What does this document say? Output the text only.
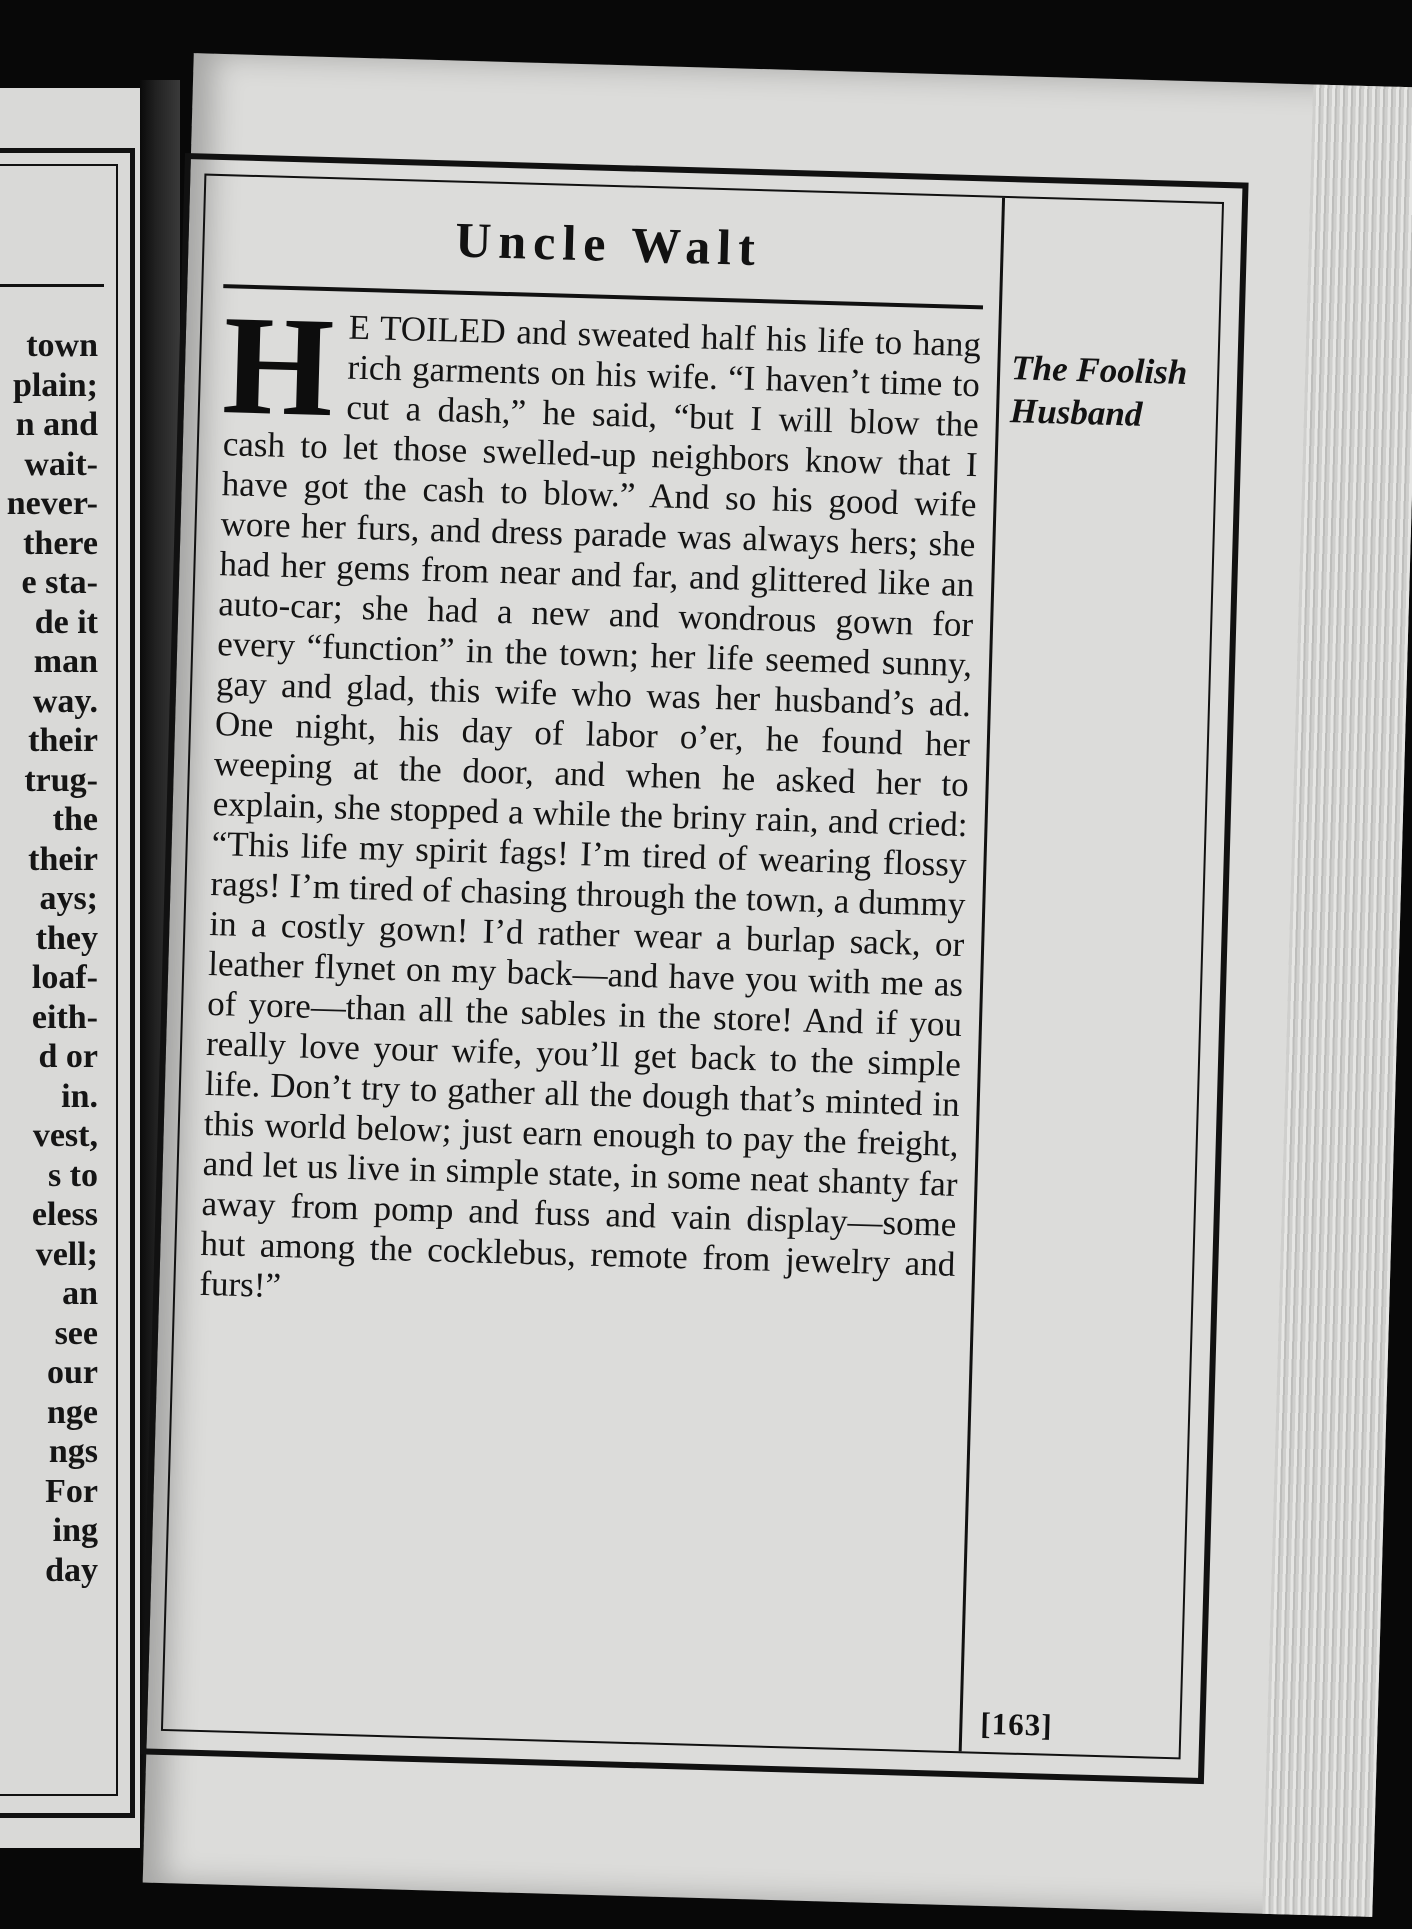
town
plain;
n and
wait-
never-
there
e sta-
de it
man
way.
their
trug-
the
their
ays;
they
loaf-
eith-
d or
in.
vest,
s to
eless
vell;
an
see
our
nge
ngs
For
ing
day
Uncle Walt
H E TOILED and sweated half his life to hang rich garments on his wife. “I haven’t time to cut a dash,” he said, “but I will blow the cash to let those swelled-up neighbors know that I have got the cash to blow.” And so his good wife wore her furs, and dress parade was always hers; she had her gems from near and far, and glittered like an auto-car; she had a new and wondrous gown for every “function” in the town; her life seemed sunny, gay and glad, this wife who was her husband’s ad. One night, his day of labor o’er, he found her weeping at the door, and when he asked her to explain, she stopped a while the briny rain, and cried: “This life my spirit fags! I’m tired of wearing flossy rags! I’m tired of chasing through the town, a dummy in a costly gown! I’d rather wear a burlap sack, or leather flynet on my back—and have you with me as of yore—than all the sables in the store! And if you really love your wife, you’ll get back to the simple life. Don’t try to gather all the dough that’s minted in this world below; just earn enough to pay the freight, and let us live in simple state, in some neat shanty far away from pomp and fuss and vain display—some hut among the cocklebus, remote from jewelry and furs!”
The Foolish
Husband
[163]
